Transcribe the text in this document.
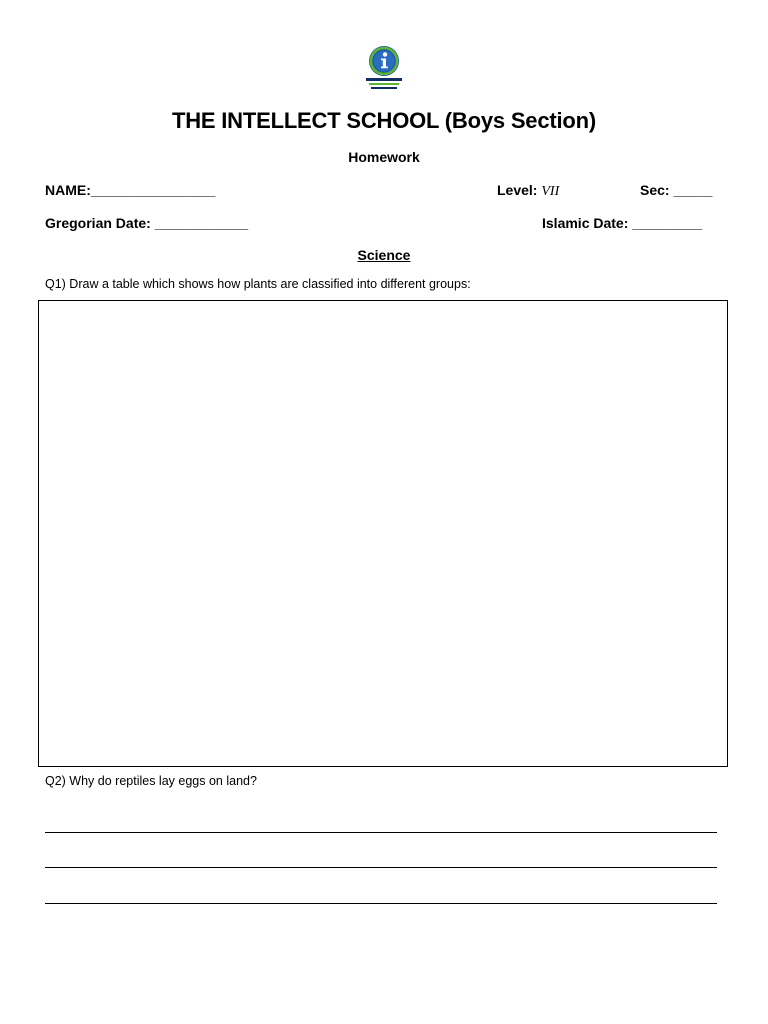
THE INTELLECT SCHOOL (Boys Section)
Homework
NAME:________________	Level: VII	Sec: _____
Gregorian Date: ____________	Islamic Date: _________
Science
Q1) Draw a table which shows how plants are classified into different groups:
Q2) Why do reptiles lay eggs on land?
